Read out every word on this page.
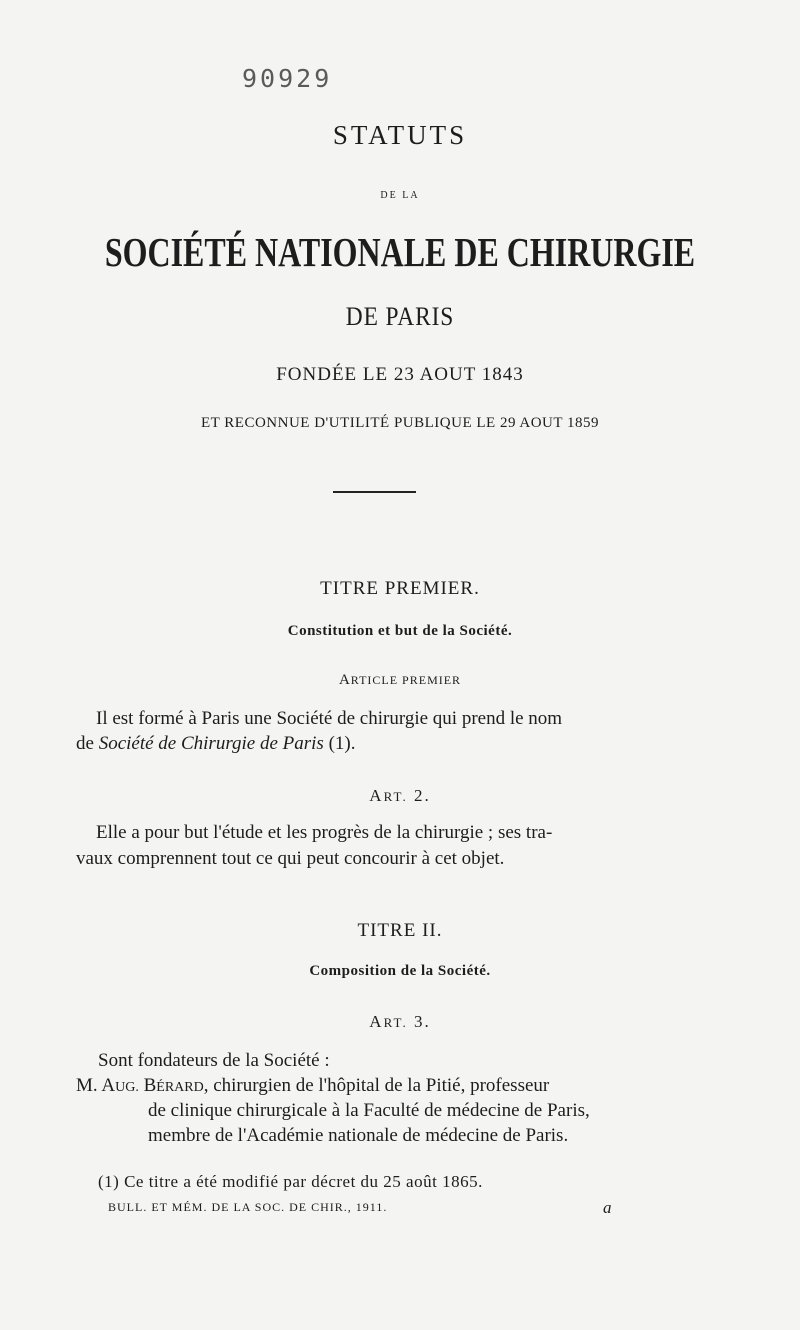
90929
STATUTS
DE LA
SOCIÉTÉ NATIONALE DE CHIRURGIE
DE PARIS
FONDÉE LE 23 AOUT 1843
ET RECONNUE D'UTILITÉ PUBLIQUE LE 29 AOUT 1859
TITRE PREMIER.
Constitution et but de la Société.
ARTICLE PREMIER
Il est formé à Paris une Société de chirurgie qui prend le nom
de Société de Chirurgie de Paris (1).
ART. 2.
Elle a pour but l'étude et les progrès de la chirurgie ; ses tra-
vaux comprennent tout ce qui peut concourir à cet objet.
TITRE II.
Composition de la Société.
ART. 3.
Sont fondateurs de la Société :
M. AUG. BÉRARD, chirurgien de l'hôpital de la Pitié, professeur
de clinique chirurgicale à la Faculté de médecine de Paris,
membre de l'Académie nationale de médecine de Paris.
(1) Ce titre a été modifié par décret du 25 août 1865.
BULL. ET MÉM. DE LA SOC. DE CHIR., 1911.	a
